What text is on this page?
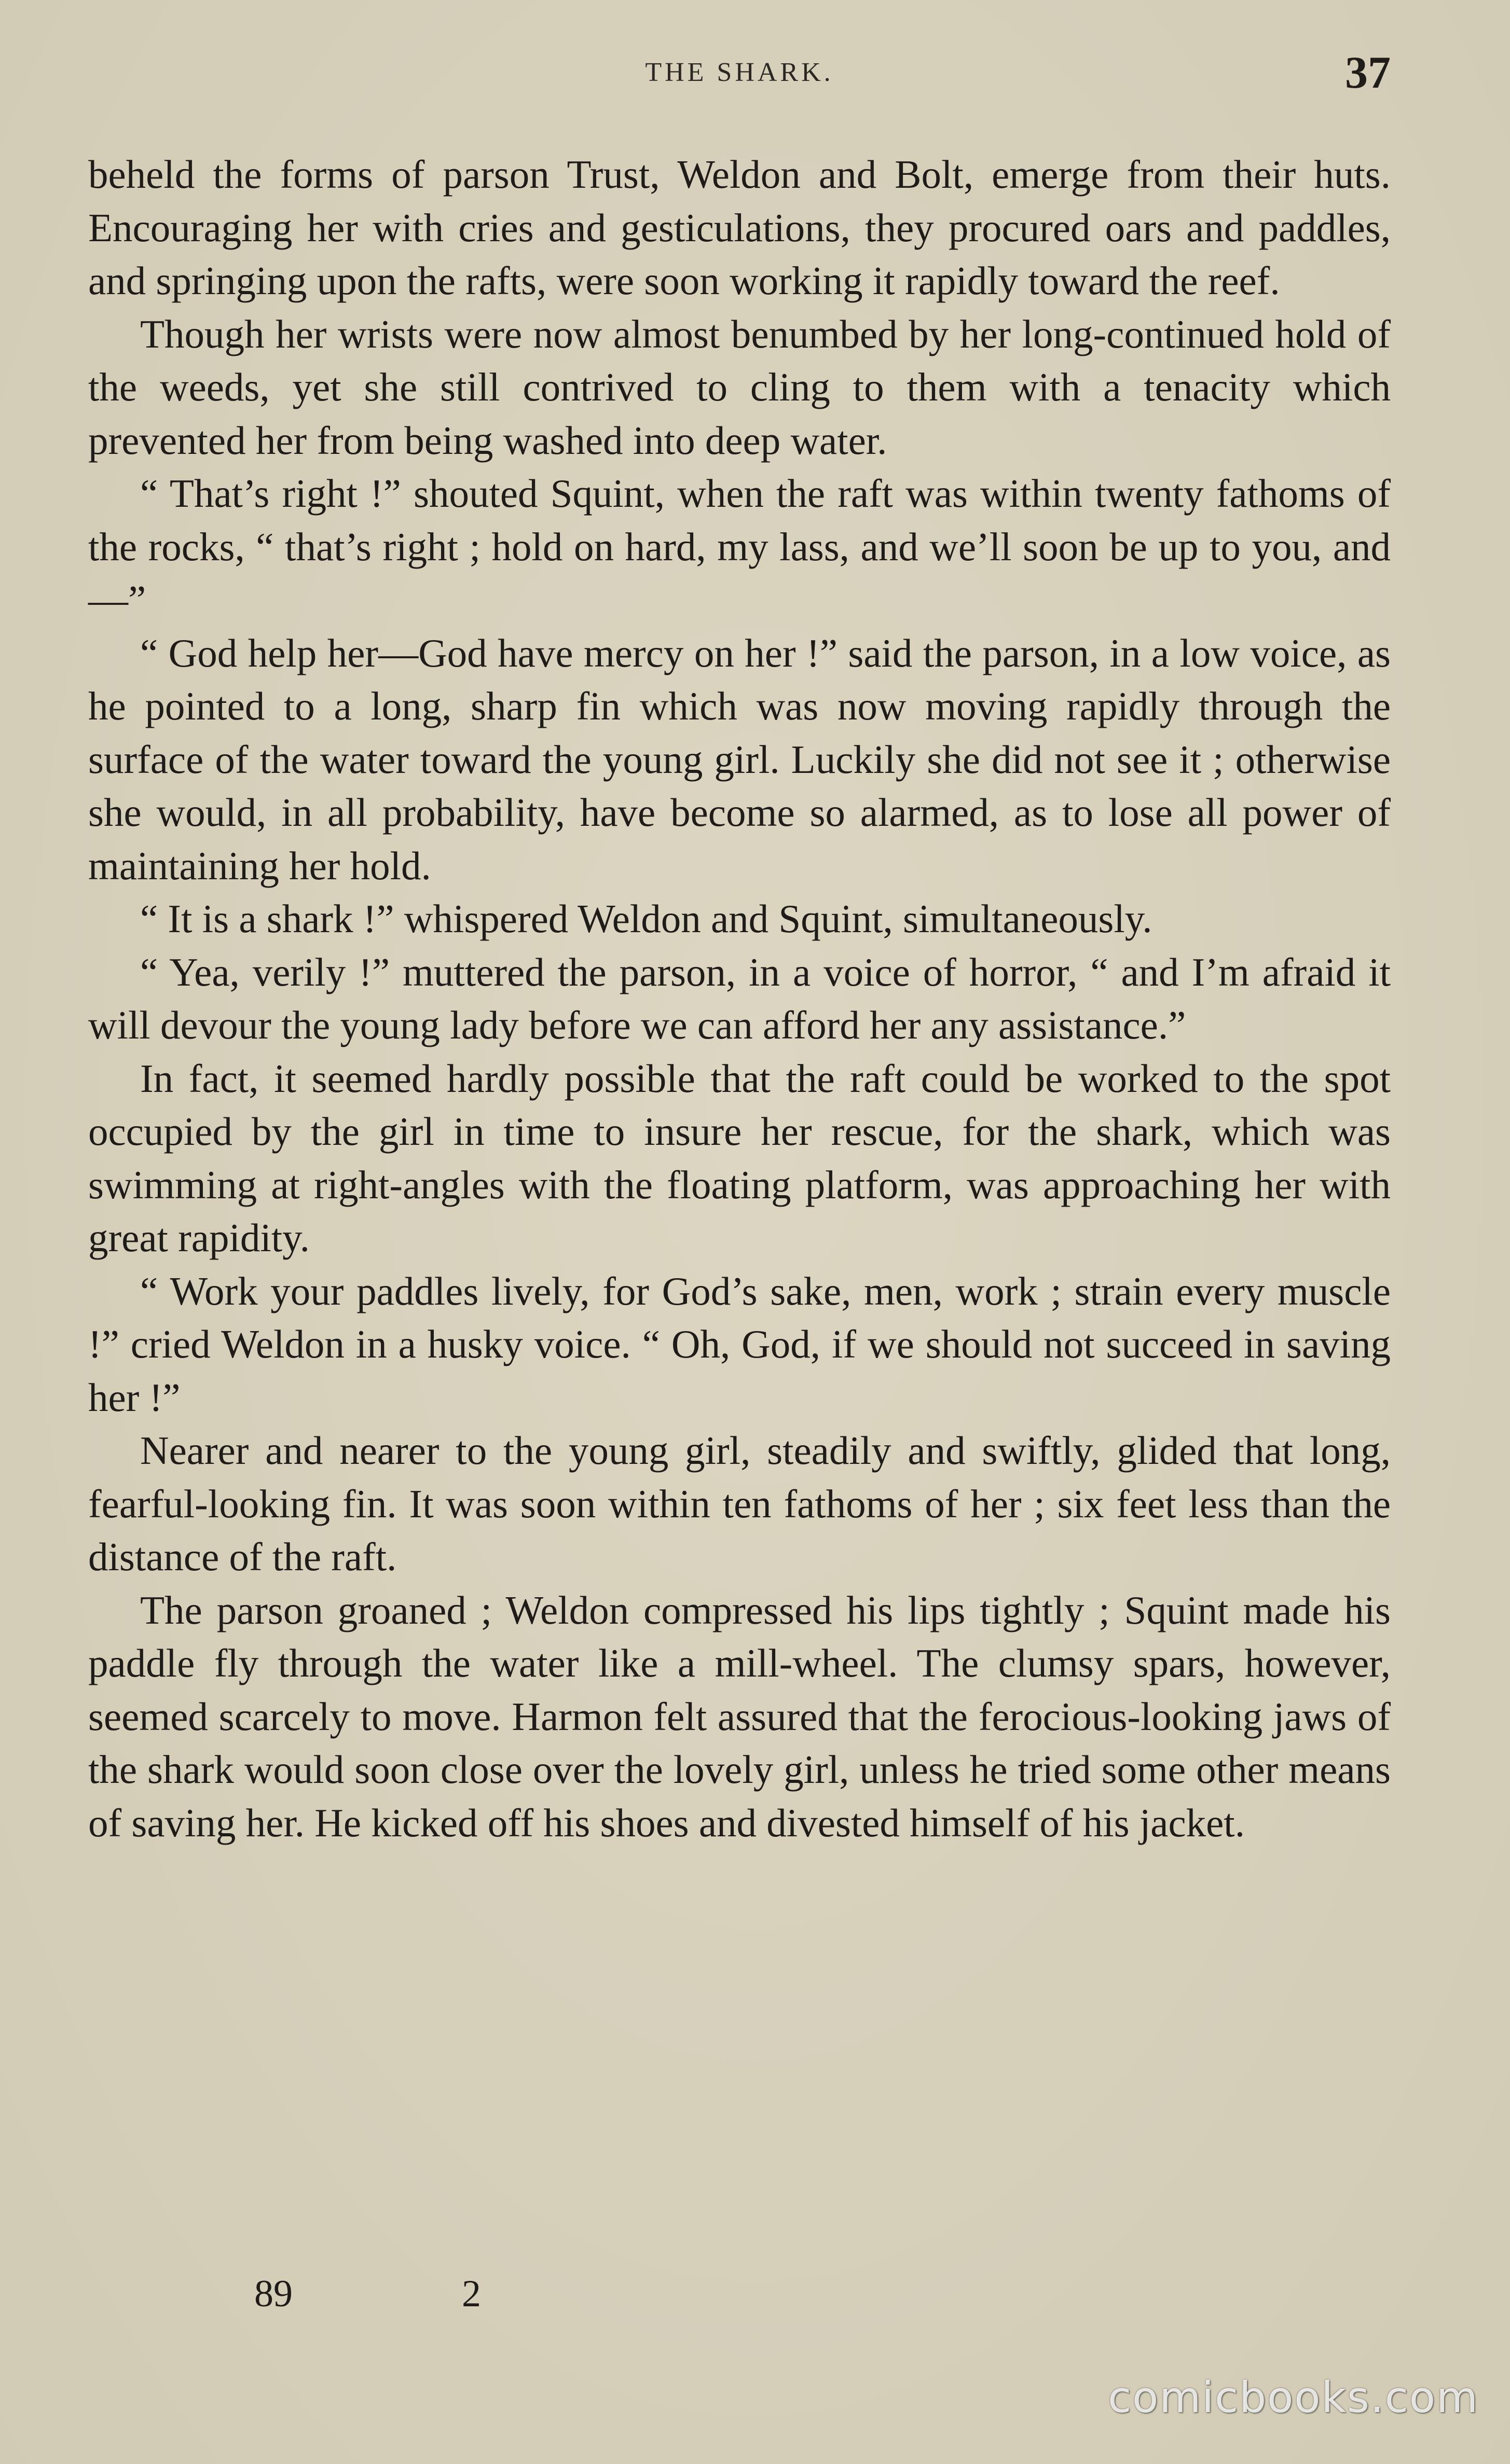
THE SHARK.	37

beheld the forms of parson Trust, Weldon and Bolt, emerge from their huts. Encouraging her with cries and gesticulations, they procured oars and paddles, and springing upon the rafts, were soon working it rapidly toward the reef.

Though her wrists were now almost benumbed by her long-continued hold of the weeds, yet she still contrived to cling to them with a tenacity which prevented her from being washed into deep water.

“ That’s right !” shouted Squint, when the raft was within twenty fathoms of the rocks, “ that’s right ; hold on hard, my lass, and we’ll soon be up to you, and—”

“ God help her—God have mercy on her !” said the parson, in a low voice, as he pointed to a long, sharp fin which was now moving rapidly through the surface of the water toward the young girl. Luckily she did not see it ; otherwise she would, in all probability, have become so alarmed, as to lose all power of maintaining her hold.

“ It is a shark !” whispered Weldon and Squint, simultaneously.

“ Yea, verily !” muttered the parson, in a voice of horror, “ and I’m afraid it will devour the young lady before we can afford her any assistance.”

In fact, it seemed hardly possible that the raft could be worked to the spot occupied by the girl in time to insure her rescue, for the shark, which was swimming at right-angles with the floating platform, was approaching her with great rapidity.

“ Work your paddles lively, for God’s sake, men, work ; strain every muscle !” cried Weldon in a husky voice. “ Oh, God, if we should not succeed in saving her !”

Nearer and nearer to the young girl, steadily and swiftly, glided that long, fearful-looking fin. It was soon within ten fathoms of her ; six feet less than the distance of the raft.

The parson groaned ; Weldon compressed his lips tightly ; Squint made his paddle fly through the water like a mill-wheel. The clumsy spars, however, seemed scarcely to move. Harmon felt assured that the ferocious-looking jaws of the shark would soon close over the lovely girl, unless he tried some other means of saving her. He kicked off his shoes and divested himself of his jacket.

89	2
comicbooks.com
